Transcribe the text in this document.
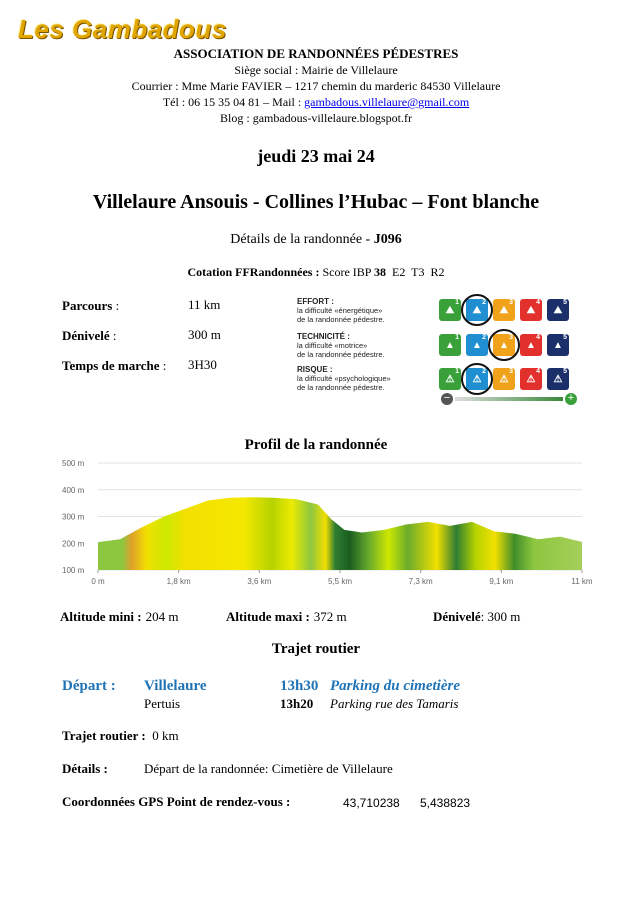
Les Gambadous
ASSOCIATION DE RANDONNÉES PÉDESTRES
Siège social : Mairie de Villelaure
Courrier : Mme Marie FAVIER – 1217 chemin du marderic 84530 Villelaure
Tél : 06 15 35 04 81 – Mail : gambadous.villelaure@gmail.com
Blog : gambadous-villelaure.blogspot.fr
jeudi 23 mai 24
Villelaure Ansouis - Collines l’Hubac – Font blanche
Détails de la randonnée - J096
Cotation FFRandonnées : Score IBP 38 E2 T3 R2
Parcours :	11 km
Dénivelé :	300 m
Temps de marche : 3H30
EFFORT :
la difficulté «énergétique»
de la randonnée pédestre.
TECHNICITÉ :
la difficulté «motrice»
de la randonnée pédestre.
RISQUE :
la difficulté «psychologique»
de la randonnée pédestre.
⛰
1
⛰
2
⛰
3
⛰
4
⛰
5
▲
1
▲
2
▲
3
▲
4
▲
5
⚠
1
⚠
2
⚠
3
⚠
4
⚠
5
−	+
Profil de la randonnée
100 m
200 m
300 m
400 m
500 m
0 m	1,8 km	3,6 km	5,5 km	7,3 km	9,1 km	11 km
Altitude mini : 204 m	Altitude maxi : 372 m	Dénivelé: 300 m
Trajet routier
Départ : Villelaure	13h30 Parking du cimetière
Pertuis	13h20 Parking rue des Tamaris
Trajet routier : 0 km
Détails :	Départ de la randonnée: Cimetière de Villelaure
Coordonnées GPS Point de rendez-vous :	43,710238 5,438823
